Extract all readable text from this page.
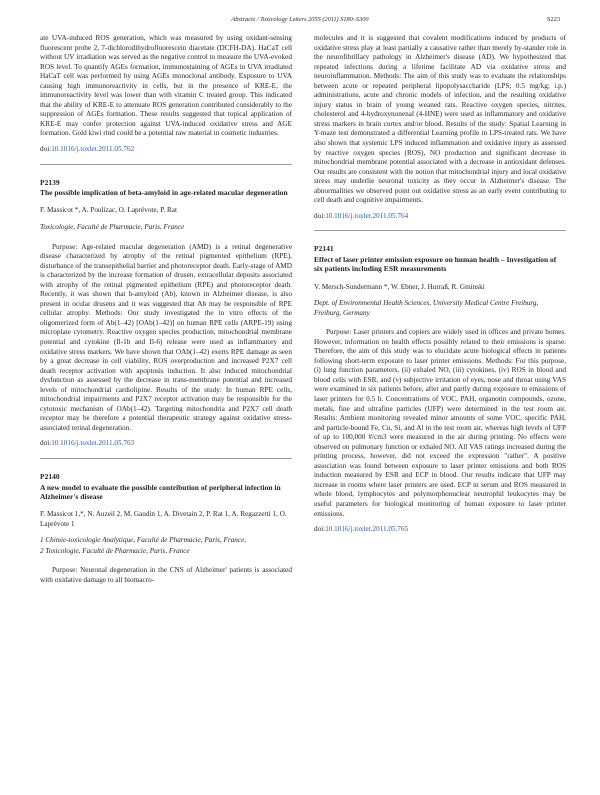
Abstracts / Toxicology Letters 205S (2011) S180–S300	S223

ate UVA-induced ROS generation, which was measured by using oxidant-sensing fluorescent probe 2, 7-dichlorodihydrofluorescein diacetate (DCFH-DA). HaCaT cell without UV irradiation was served as the negative control to measure the UVA-evoked ROS level. To quantify AGEs formation, immunostaining of AGEs in UVA irradiated HaCaT cell was performed by using AGEs monoclonal antibody. Exposure to UVA causing high immunoreactivity in cells, but in the presence of KRE-E, the immunoreactivity level was lower than with vitamin C treated group. This indicated that the ability of KRE-E to attenuate ROS generation contributed considerably to the suppression of AGEs formation. These results suggested that topical application of KRE-E may confer protection against UVA-induced oxidative stress and AGE formation. Gold kiwi rind could be a potential raw material in cosmetic industries.

doi:10.1016/j.toxlet.2011.05.762
P2139
The possible implication of beta-amyloid in age-related macular degeneration
F. Massicot *, A. Poulizac, O. Laprévote, P. Rat
Toxicologie, Faculté de Pharmacie, Paris, France

Purpose: Age-related macular degeneration (AMD) is a retinal degenerative disease characterized by atrophy of the retinal pigmented epithelium (RPE), disturbance of the transepithelial barrier and photoreceptor death. Early-stage of AMD is characterized by the increase formation of drusen, extracellular deposits associated with atrophy of the retinal pigmented epithelium (RPE) and photoreceptor death. Recently, it was shown that b-amyloid (Ab), known in Alzheimer disease, is also present in ocular drusens and it was suggested that Ab may be responsible of RPE cellular atrophy. Methods: Our study investigated the in vitro effects of the oligomerized form of Ab(1–42) [OAb(1–42)] on human RPE cells (ARPE-19) using microplate cytometry. Reactive oxygen species production, mitochondrial membrane potential and cytokine (Il-1b and Il-6) release were used as inflammatory and oxidative stress markers. We have shown that OAb(1–42) exerts RPE damage as seen by a great decrease in cell viability, ROS overproduction and increased P2X7 cell death receptor activation with apoptosis induction. It also induced mitochondrial dysfunction as assessed by the decrease in trans-membrane potential and increased levels of mitochondrial cardiolipine. Results of the study: In human RPE cells, mitochondrial impairments and P2X7 receptor activation may be responsible for the cytotoxic mechanism of OAb(1–42). Targeting mitochondria and P2X7 cell death receptor may be therefore a potential therapeutic strategy against oxidative stress-associated retinal degeneration.

doi:10.1016/j.toxlet.2011.05.763
P2140
A new model to evaluate the possible contribution of peripheral infection in Alzheimer's disease
F. Massicot 1,*, N. Auzeil 2, M. Gaudin 1, A. Divetain 2, P. Rat 1, A. Regazzetti 1, O. Laprévote 1
1 Chimie-toxicologie Analytique, Faculté de Pharmacie, Paris, France,
2 Toxicologie, Faculté de Pharmacie, Paris, France

Purpose: Neuronal degeneration in the CNS of Alzheimer' patients is associated with oxidative damage to all biomacro-

molecules and it is suggested that covalent modifications induced by products of oxidative stress play at least partially a causative rather than merely by-stander role in the neurofibrillary pathology in Alzheimer's disease (AD). We hypothesized that repeated infections during a lifetime facilitate AD via oxidative stress and neuroinflammation. Methods: The aim of this study was to evaluate the relationships between acute or repeated peripheral lipopolysaccharide (LPS; 0.5 mg/kg; i.p.) administrations, acute and chronic models of infection, and the resulting oxidative injury status in brain of young weaned rats. Reactive oxygen species, nitrites, cholesterol and 4-hydroxynonenal (4-HNE) were used as inflammatory and oxidative stress markers in brain cortex and/or blood. Results of the study: Spatial Learning in Y-maze test demonstrated a differential Learning profile in LPS-treated rats. We have also shown that systemic LPS induced inflammation and oxidative injury as assessed by reactive oxygen species (ROS), NO production and significant decrease in mitochondrial membrane potential associated with a decrease in antioxidant defenses. Our results are consistent with the notion that mitochondrial injury and local oxidative stress may underlie neuronal toxicity as they occur in Alzheimer's disease. The abnormalities we observed point out oxidative stress as an early event contributing to cell death and cognitive impairments.

doi:10.1016/j.toxlet.2011.05.764
P2141
Effect of laser printer emission exposure on human health – Investigation of six patients including ESR measurements
V. Mersch-Sundermann *, W. Ebner, J. Hurraß, R. Gminski
Dept. of Environmental Health Sciences, University Medical Centre Freiburg, Freiburg, Germany

Purpose: Laser printers and copiers are widely used in offices and private homes. However, information on health effects possibly related to their emissions is sparse. Therefore, the aim of this study was to elucidate acute biological effects in patients following short-term exposure to laser printer emissions. Methods: For this purpose, (i) lung function parameters, (ii) exhaled NO, (iii) cytokines, (iv) ROS in blood and blood cells with ESR, and (v) subjective irritation of eyes, nose and throat using VAS were examined in six patients before, after and partly during exposure to emissions of laser printers for 0.5 h. Concentrations of VOC, PAH, organotin compounds, ozone, metals, fine and ultrafine particles (UFP) were determined in the test room air. Results: Ambient monitoring revealed minor amounts of some VOC, specific PAH, and particle-bound Fe, Cu, Si, and Al in the test room air, whereas high levels of UFP of up to 100,000 #/cm3 were measured in the air during printing. No effects were observed on pulmonary function or exhaled NO. All VAS ratings increased during the printing process, however, did not exceed the expression "rather". A positive association was found between exposure to laser printer emissions and both ROS induction measured by ESR and ECP in blood. Our results indicate that UFP may increase in rooms where laser printers are used. ECP in serum and ROS measured in whole blood, lymphocytes and polymorphonuclear neutrophil leukocytes may be useful parameters for biological monitoring of human exposure to laser printer emissions.

doi:10.1016/j.toxlet.2011.05.765
